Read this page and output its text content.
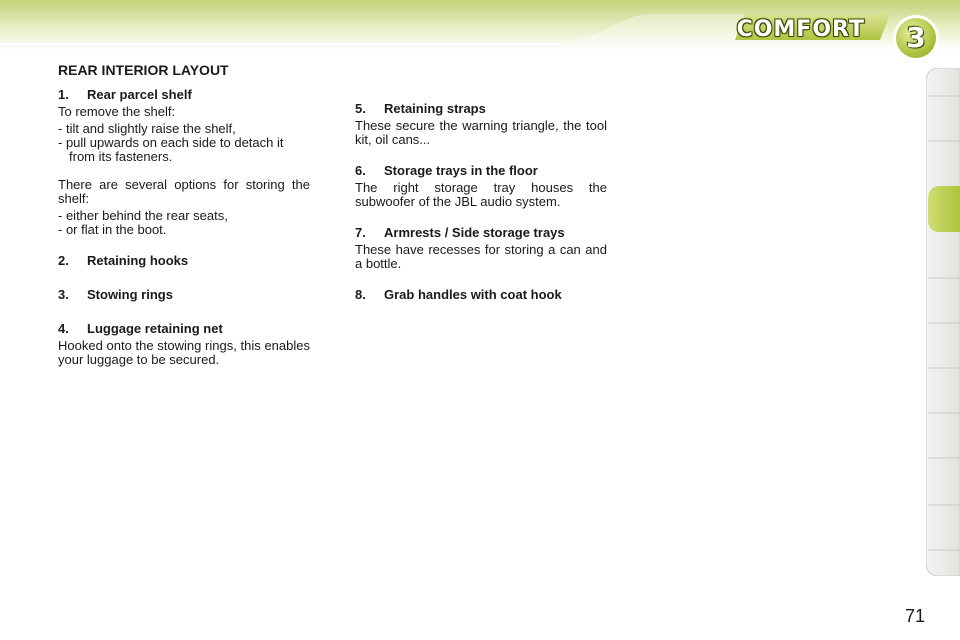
COMFORT	3
REAR INTERIOR LAYOUT
1. Rear parcel shelf

To remove the shelf:

- tilt and slightly raise the shelf,
- pull upwards on each side to detach it from its fasteners.

There are several options for storing the shelf:

- either behind the rear seats,
- or flat in the boot.
2. Retaining hooks
3. Stowing rings
4. Luggage retaining net

Hooked onto the stowing rings, this enables your luggage to be secured.

5. Retaining straps

These secure the warning triangle, the tool kit, oil cans...

6. Storage trays in the floor

The right storage tray houses the subwoofer of the JBL audio system.

7. Armrests / Side storage trays

These have recesses for storing a can and a bottle.

8. Grab handles with coat hook
71
